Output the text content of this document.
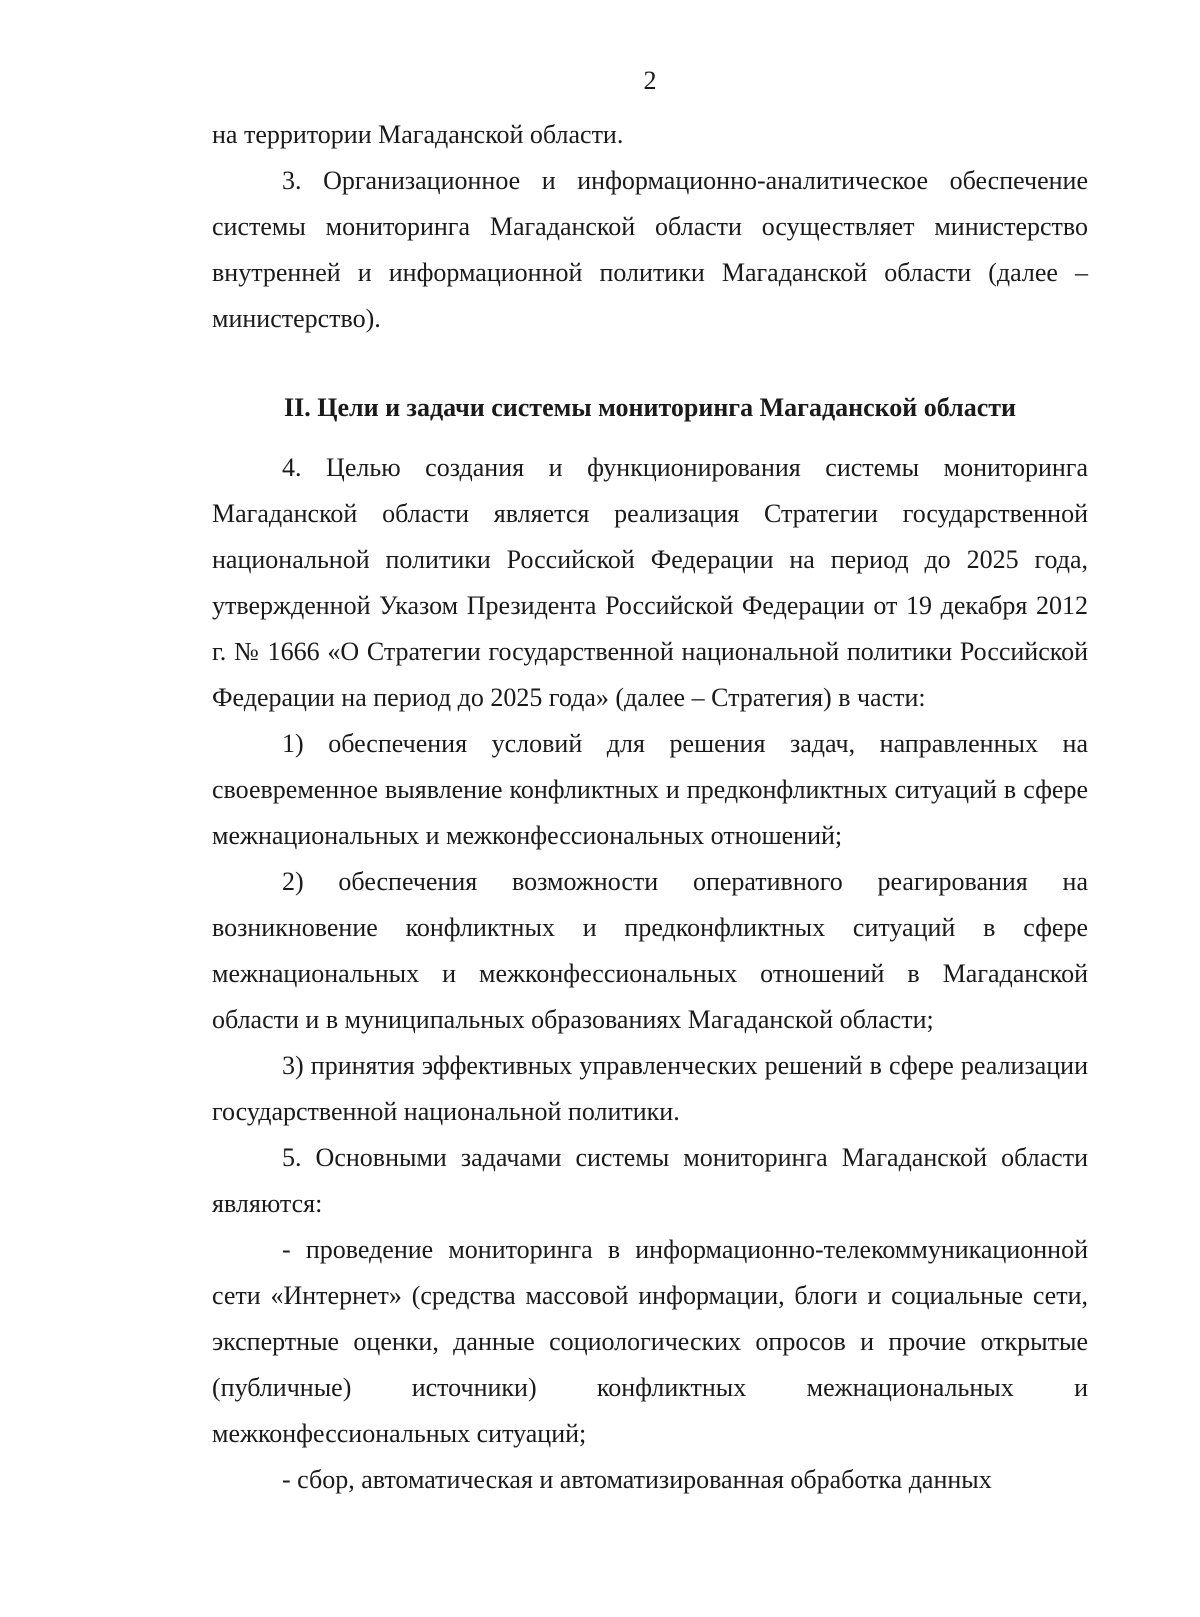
2

на территории Магаданской области.

3. Организационное и информационно-аналитическое обеспечение системы мониторинга Магаданской области осуществляет министерство внутренней и информационной политики Магаданской области (далее – министерство).

II. Цели и задачи системы мониторинга Магаданской области

4. Целью создания и функционирования системы мониторинга Магаданской области является реализация Стратегии государственной национальной политики Российской Федерации на период до 2025 года, утвержденной Указом Президента Российской Федерации от 19 декабря 2012 г. № 1666 «О Стратегии государственной национальной политики Российской Федерации на период до 2025 года» (далее – Стратегия) в части:

1) обеспечения условий для решения задач, направленных на своевременное выявление конфликтных и предконфликтных ситуаций в сфере межнациональных и межконфессиональных отношений;

2) обеспечения возможности оперативного реагирования на возникновение конфликтных и предконфликтных ситуаций в сфере межнациональных и межконфессиональных отношений в Магаданской области и в муниципальных образованиях Магаданской области;

3) принятия эффективных управленческих решений в сфере реализации государственной национальной политики.

5. Основными задачами системы мониторинга Магаданской области являются:

- проведение мониторинга в информационно-телекоммуникационной сети «Интернет» (средства массовой информации, блоги и социальные сети, экспертные оценки, данные социологических опросов и прочие открытые (публичные) источники) конфликтных межнациональных и межконфессиональных ситуаций;

- сбор, автоматическая и автоматизированная обработка данных
